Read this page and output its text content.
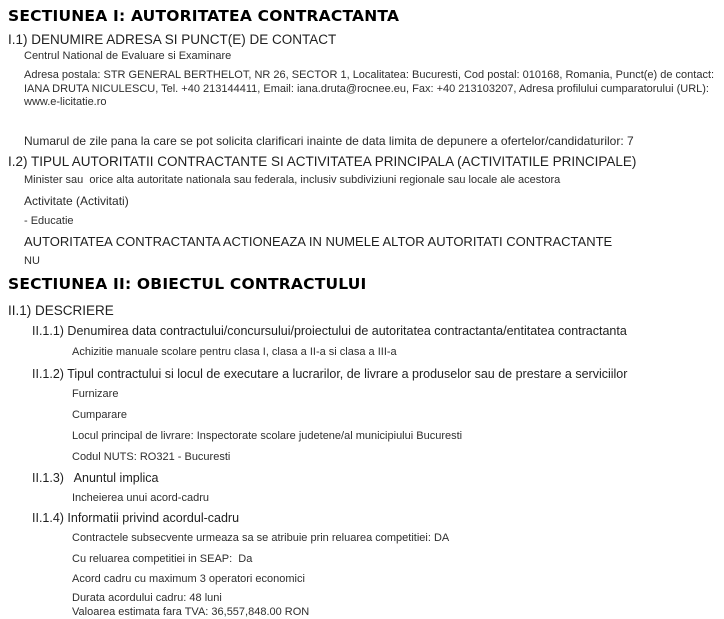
SECTIUNEA I: AUTORITATEA CONTRACTANTA
I.1) DENUMIRE ADRESA SI PUNCT(E) DE CONTACT
Centrul National de Evaluare si Examinare
Adresa postala: STR GENERAL BERTHELOT, NR 26, SECTOR 1, Localitatea: Bucuresti, Cod postal: 010168, Romania, Punct(e) de contact: IANA DRUTA NICULESCU, Tel. +40 213144411, Email: iana.druta@rocnee.eu, Fax: +40 213103207, Adresa profilului cumparatorului (URL): www.e-licitatie.ro
Numarul de zile pana la care se pot solicita clarificari inainte de data limita de depunere a ofertelor/candidaturilor: 7
I.2) TIPUL AUTORITATII CONTRACTANTE SI ACTIVITATEA PRINCIPALA (ACTIVITATILE PRINCIPALE)
Minister sau  orice alta autoritate nationala sau federala, inclusiv subdiviziuni regionale sau locale ale acestora
Activitate (Activitati)
- Educatie
AUTORITATEA CONTRACTANTA ACTIONEAZA IN NUMELE ALTOR AUTORITATI CONTRACTANTE
NU
SECTIUNEA II: OBIECTUL CONTRACTULUI
II.1) DESCRIERE
II.1.1) Denumirea data contractului/concursului/proiectului de autoritatea contractanta/entitatea contractanta
Achizitie manuale scolare pentru clasa I, clasa a II-a si clasa a III-a
II.1.2) Tipul contractului si locul de executare a lucrarilor, de livrare a produselor sau de prestare a serviciilor
Furnizare
Cumparare
Locul principal de livrare: Inspectorate scolare judetene/al municipiului Bucuresti
Codul NUTS: RO321 - Bucuresti
II.1.3)   Anuntul implica
Incheierea unui acord-cadru
II.1.4) Informatii privind acordul-cadru
Contractele subsecvente urmeaza sa se atribuie prin reluarea competitiei: DA
Cu reluarea competitiei in SEAP:  Da
Acord cadru cu maximum 3 operatori economici
Durata acordului cadru: 48 luni
Valoarea estimata fara TVA: 36,557,848.00 RON
